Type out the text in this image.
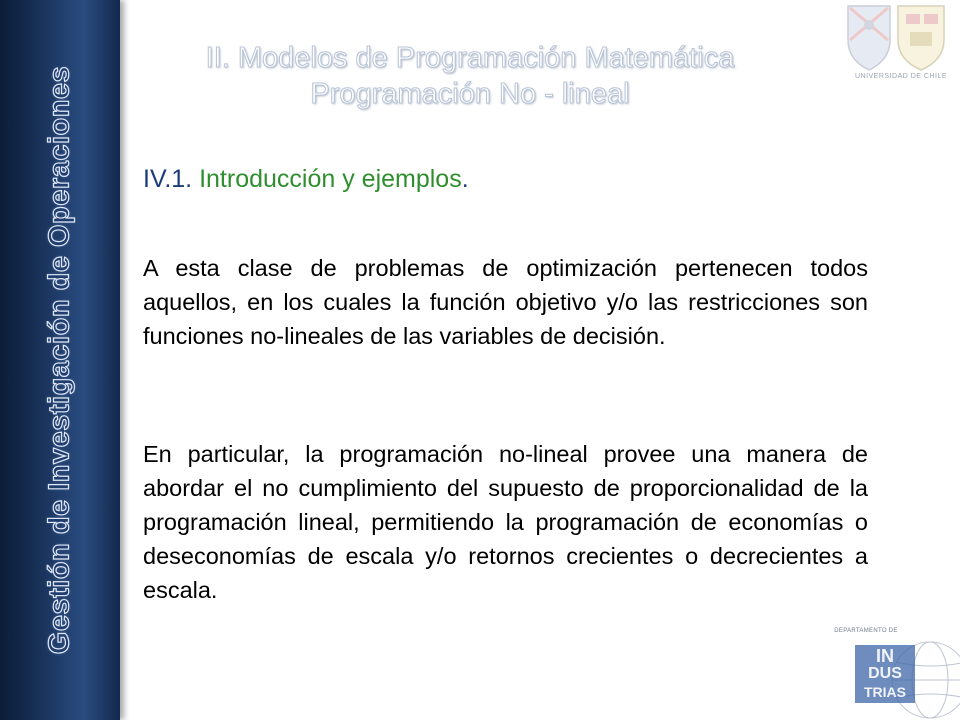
Gestión de Investigación de Operaciones
II. Modelos de Programación Matemática
Programación No - lineal
UNIVERSIDAD DE CHILE
IV.1. Introducción y ejemplos.

A esta clase de problemas de optimización pertenecen todos aquellos, en los cuales la función objetivo y/o las restricciones son funciones no-lineales de las variables de decisión.

En particular, la programación no-lineal provee una manera de abordar el no cumplimiento del supuesto de proporcionalidad de la programación lineal, permitiendo la programación de economías o deseconomías de escala y/o retornos crecientes o decrecientes a escala.

DEPARTAMENTO DE
IN
DUS
TRIAS
